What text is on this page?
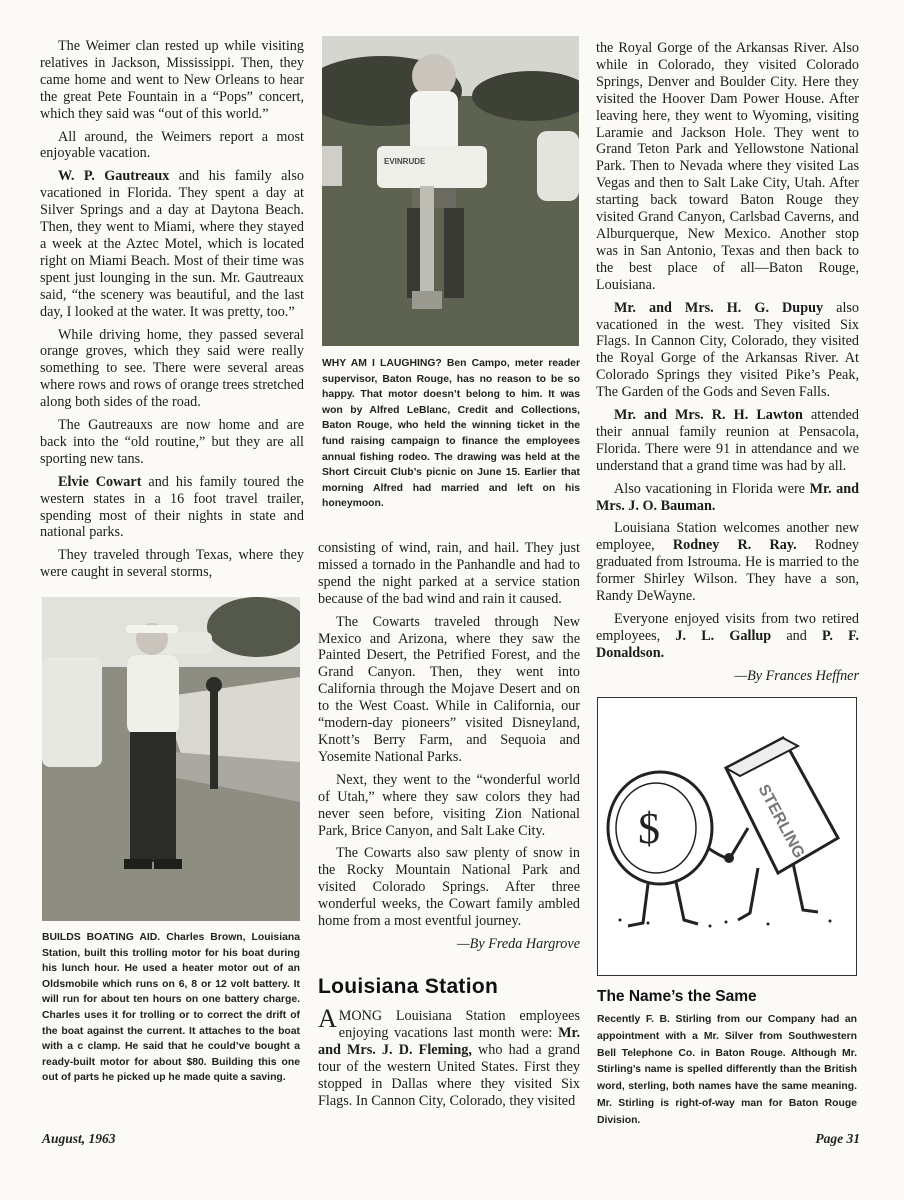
The Weimer clan rested up while visiting relatives in Jackson, Mississippi. Then, they came home and went to New Orleans to hear the great Pete Fountain in a “Pops” concert, which they said was “out of this world.”

All around, the Weimers report a most enjoyable vacation.

W. P. Gautreaux and his family also vacationed in Florida. They spent a day at Silver Springs and a day at Daytona Beach. Then, they went to Miami, where they stayed a week at the Aztec Motel, which is located right on Miami Beach. Most of their time was spent just lounging in the sun. Mr. Gautreaux said, “the scenery was beautiful, and the last day, I looked at the water. It was pretty, too.”

While driving home, they passed several orange groves, which they said were really something to see. There were several areas where rows and rows of orange trees stretched along both sides of the road.

The Gautreauxs are now home and are back into the “old routine,” but they are all sporting new tans.

Elvie Cowart and his family toured the western states in a 16 foot travel trailer, spending most of their nights in state and national parks.

They traveled through Texas, where they were caught in several storms,

EVINRUDE
WHY AM I LAUGHING? Ben Campo, meter reader supervisor, Baton Rouge, has no reason to be so happy. That motor doesn’t belong to him. It was won by Alfred LeBlanc, Credit and Collections, Baton Rouge, who held the winning ticket in the fund raising campaign to finance the employees annual fishing rodeo. The drawing was held at the Short Circuit Club’s picnic on June 15. Earlier that morning Alfred had married and left on his honeymoon.
BUILDS BOATING AID. Charles Brown, Louisiana Station, built this trolling motor for his boat during his lunch hour. He used a heater motor out of an Oldsmobile which runs on 6, 8 or 12 volt battery. It will run for about ten hours on one battery charge. Charles uses it for trolling or to correct the drift of the boat against the current. It attaches to the boat with a c clamp. He said that he could’ve bought a ready-built motor for about $80. Building this one out of parts he picked up he made quite a saving.

consisting of wind, rain, and hail. They just missed a tornado in the Panhandle and had to spend the night parked at a service station because of the bad wind and rain it caused.

The Cowarts traveled through New Mexico and Arizona, where they saw the Painted Desert, the Petrified Forest, and the Grand Canyon. Then, they went into California through the Mojave Desert and on to the West Coast. While in California, our “modern-day pioneers” visited Disneyland, Knott’s Berry Farm, and Sequoia and Yosemite National Parks.

Next, they went to the “wonderful world of Utah,” where they saw colors they had never seen before, visiting Zion National Park, Brice Canyon, and Salt Lake City.

The Cowarts also saw plenty of snow in the Rocky Mountain National Park and visited Colorado Springs. After three wonderful weeks, the Cowart family ambled home from a most eventful journey.

—By Freda Hargrove

Louisiana Station

AMONG Louisiana Station employees enjoying vacations last month were: Mr. and Mrs. J. D. Fleming, who had a grand tour of the western United States. First they stopped in Dallas where they visited Six Flags. In Cannon City, Colorado, they visited

the Royal Gorge of the Arkansas River. Also while in Colorado, they visited Colorado Springs, Denver and Boulder City. Here they visited the Hoover Dam Power House. After leaving here, they went to Wyoming, visiting Laramie and Jackson Hole. They went to Grand Teton Park and Yellowstone National Park. Then to Nevada where they visited Las Vegas and then to Salt Lake City, Utah. After starting back toward Baton Rouge they visited Grand Canyon, Carlsbad Caverns, and Alburquerque, New Mexico. Another stop was in San Antonio, Texas and then back to the best place of all—Baton Rouge, Louisiana.

Mr. and Mrs. H. G. Dupuy also vacationed in the west. They visited Six Flags. In Cannon City, Colorado, they visited the Royal Gorge of the Arkansas River. At Colorado Springs they visited Pike’s Peak, The Garden of the Gods and Seven Falls.

Mr. and Mrs. R. H. Lawton attended their annual family reunion at Pensacola, Florida. There were 91 in attendance and we understand that a grand time was had by all.

Also vacationing in Florida were Mr. and Mrs. J. O. Bauman.

Louisiana Station welcomes another new employee, Rodney R. Ray. Rodney graduated from Istrouma. He is married to the former Shirley Wilson. They have a son, Randy DeWayne.

Everyone enjoyed visits from two retired employees, J. L. Gallup and P. F. Donaldson.

—By Frances Heffner

$	STERLING
The Name’s the Same

Recently F. B. Stirling from our Company had an appointment with a Mr. Silver from Southwestern Bell Telephone Co. in Baton Rouge. Although Mr. Stirling’s name is spelled differently than the British word, sterling, both names have the same meaning. Mr. Stirling is right-of-way man for Baton Rouge Division.

August, 1963	Page 31
